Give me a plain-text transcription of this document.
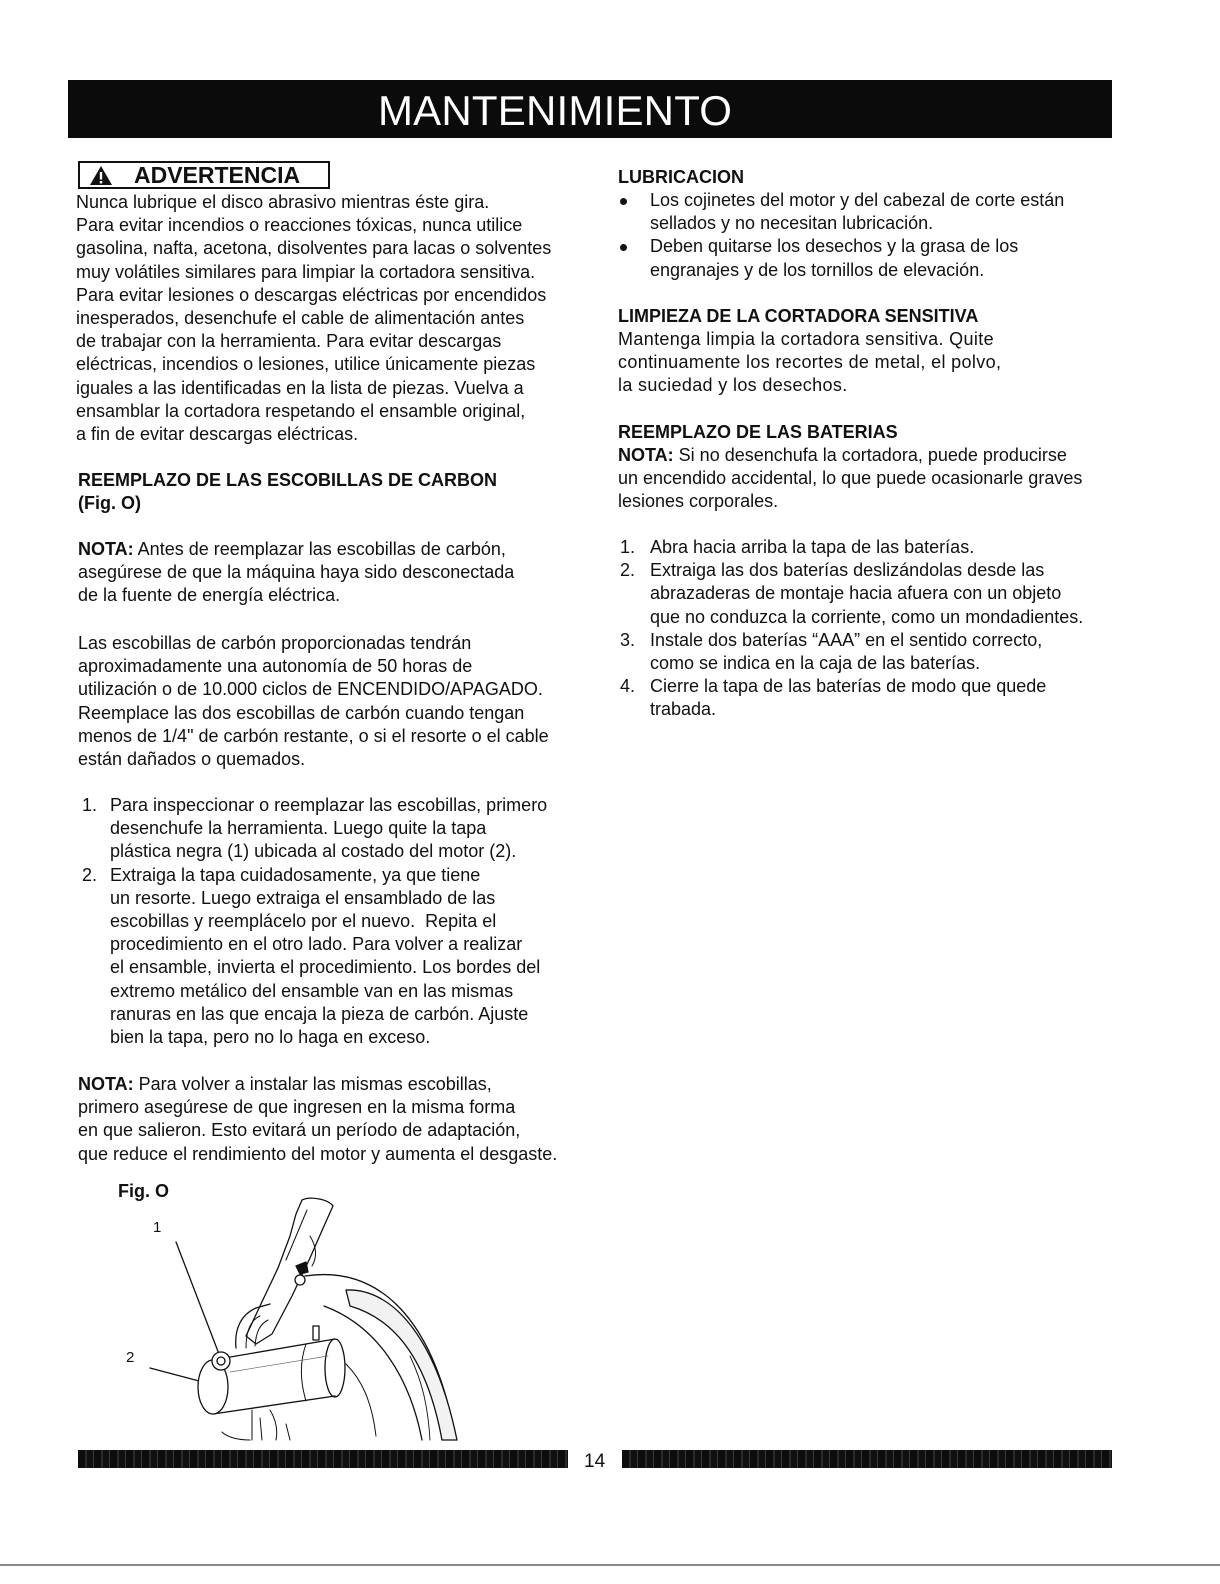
MANTENIMIENTO
ADVERTENCIA
Nunca lubrique el disco abrasivo mientras éste gira.
Para evitar incendios o reacciones tóxicas, nunca utilice
gasolina, nafta, acetona, disolventes para lacas o solventes
muy volátiles similares para limpiar la cortadora sensitiva.
Para evitar lesiones o descargas eléctricas por encendidos
inesperados, desenchufe el cable de alimentación antes
de trabajar con la herramienta. Para evitar descargas
eléctricas, incendios o lesiones, utilice únicamente piezas
iguales a las identificadas en la lista de piezas. Vuelva a
ensamblar la cortadora respetando el ensamble original,
a fin de evitar descargas eléctricas.
REEMPLAZO DE LAS ESCOBILLAS DE CARBON
(Fig. O)
NOTA: Antes de reemplazar las escobillas de carbón,
asegúrese de que la máquina haya sido desconectada
de la fuente de energía eléctrica.
Las escobillas de carbón proporcionadas tendrán
aproximadamente una autonomía de 50 horas de
utilización o de 10.000 ciclos de ENCENDIDO/APAGADO.
Reemplace las dos escobillas de carbón cuando tengan
menos de 1/4" de carbón restante, o si el resorte o el cable
están dañados o quemados.
1. Para inspeccionar o reemplazar las escobillas, primero
desenchufe la herramienta. Luego quite la tapa
plástica negra (1) ubicada al costado del motor (2).
2. Extraiga la tapa cuidadosamente, ya que tiene
un resorte. Luego extraiga el ensamblado de las
escobillas y reemplácelo por el nuevo.  Repita el
procedimiento en el otro lado. Para volver a realizar
el ensamble, invierta el procedimiento. Los bordes del
extremo metálico del ensamble van en las mismas
ranuras en las que encaja la pieza de carbón. Ajuste
bien la tapa, pero no lo haga en exceso.
NOTA: Para volver a instalar las mismas escobillas,
primero asegúrese de que ingresen en la misma forma
en que salieron. Esto evitará un período de adaptación,
que reduce el rendimiento del motor y aumenta el desgaste.
Fig. O
1
2
LUBRICACION
Los cojinetes del motor y del cabezal de corte están
sellados y no necesitan lubricación.
Deben quitarse los desechos y la grasa de los
engranajes y de los tornillos de elevación.
LIMPIEZA DE LA CORTADORA SENSITIVA
Mantenga limpia la cortadora sensitiva. Quite
continuamente los recortes de metal, el polvo,
la suciedad y los desechos.
REEMPLAZO DE LAS BATERIAS
NOTA: Si no desenchufa la cortadora, puede producirse
un encendido accidental, lo que puede ocasionarle graves
lesiones corporales.
1. Abra hacia arriba la tapa de las baterías.
2. Extraiga las dos baterías deslizándolas desde las
abrazaderas de montaje hacia afuera con un objeto
que no conduzca la corriente, como un mondadientes.
3. Instale dos baterías “AAA” en el sentido correcto,
como se indica en la caja de las baterías.
4. Cierre la tapa de las baterías de modo que quede
trabada.
14
